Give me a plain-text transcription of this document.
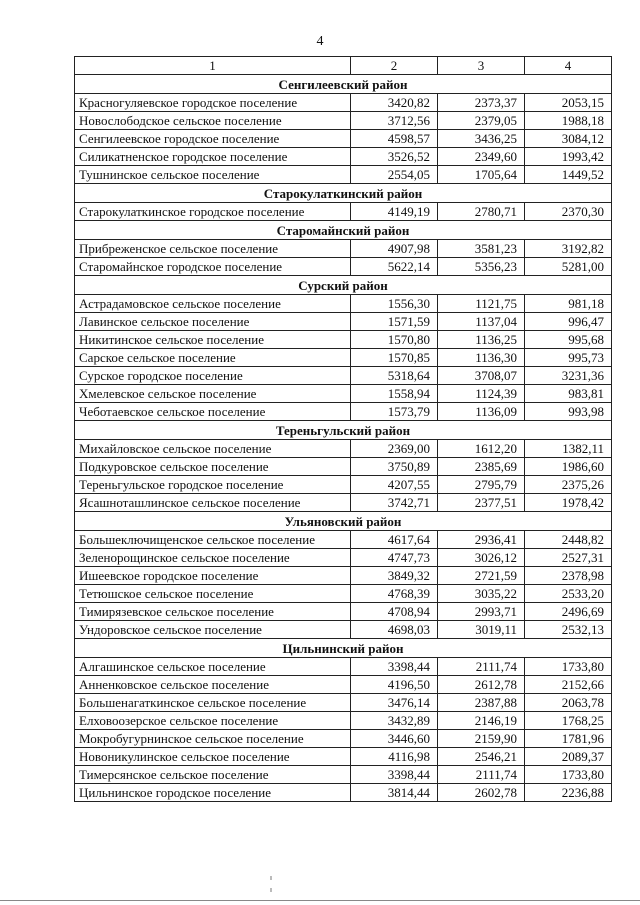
4
1	2	3	4
Сенгилеевский район			
Красногуляевское городское поселение	3420,82	2373,37	2053,15
Новослободское сельское поселение	3712,56	2379,05	1988,18
Сенгилеевское городское поселение	4598,57	3436,25	3084,12
Силикатненское городское поселение	3526,52	2349,60	1993,42
Тушнинское сельское поселение	2554,05	1705,64	1449,52
Старокулаткинский район			
Старокулаткинское городское поселение	4149,19	2780,71	2370,30
Старомайнский район			
Прибреженское сельское поселение	4907,98	3581,23	3192,82
Старомайнское городское поселение	5622,14	5356,23	5281,00
Сурский район			
Астрадамовское сельское поселение	1556,30	1121,75	981,18
Лавинское сельское поселение	1571,59	1137,04	996,47
Никитинское сельское поселение	1570,80	1136,25	995,68
Сарское сельское поселение	1570,85	1136,30	995,73
Сурское городское поселение	5318,64	3708,07	3231,36
Хмелевское сельское поселение	1558,94	1124,39	983,81
Чеботаевское сельское поселение	1573,79	1136,09	993,98
Тереньгульский район			
Михайловское сельское поселение	2369,00	1612,20	1382,11
Подкуровское сельское поселение	3750,89	2385,69	1986,60
Тереньгульское городское поселение	4207,55	2795,79	2375,26
Ясашноташлинское сельское поселение	3742,71	2377,51	1978,42
Ульяновский район			
Большеключищенское сельское поселение	4617,64	2936,41	2448,82
Зеленорощинское сельское поселение	4747,73	3026,12	2527,31
Ишеевское городское поселение	3849,32	2721,59	2378,98
Тетюшское сельское поселение	4768,39	3035,22	2533,20
Тимирязевское сельское поселение	4708,94	2993,71	2496,69
Ундоровское сельское поселение	4698,03	3019,11	2532,13
Цильнинский район			
Алгашинское сельское поселение	3398,44	2111,74	1733,80
Анненковское сельское поселение	4196,50	2612,78	2152,66
Большенагаткинское сельское поселение	3476,14	2387,88	2063,78
Елховоозерское сельское поселение	3432,89	2146,19	1768,25
Мокробугурнинское сельское поселение	3446,60	2159,90	1781,96
Новоникулинское сельское поселение	4116,98	2546,21	2089,37
Тимерсянское сельское поселение	3398,44	2111,74	1733,80
Цильнинское городское поселение	3814,44	2602,78	2236,88
